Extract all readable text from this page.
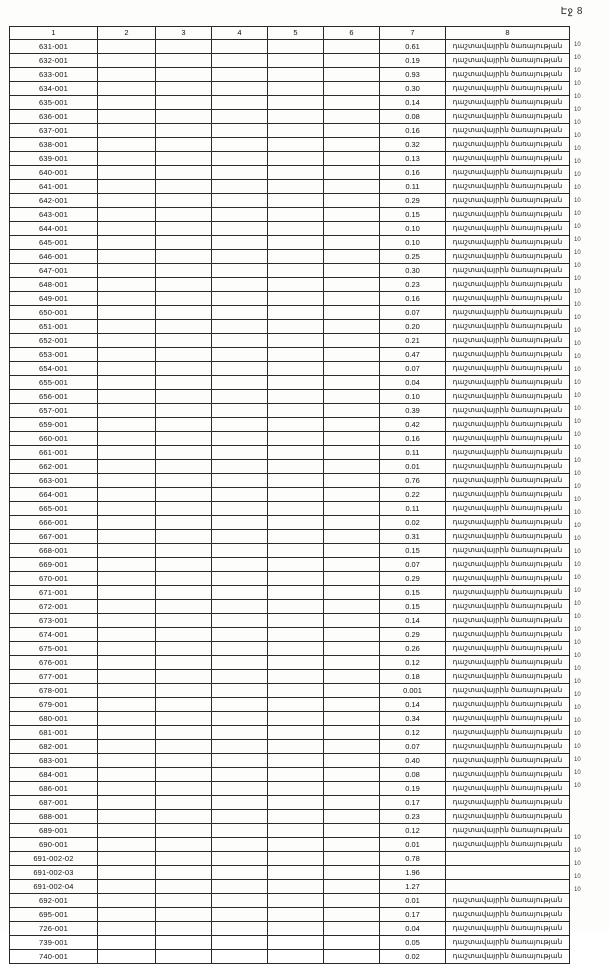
Էջ 8
1	2	3	4	5	6	7	8
631-001						0.61	դաշտավայրին ծառայության
632-001						0.19	դաշտավայրին ծառայության
633-001						0.93	դաշտավայրին ծառայության
634-001						0.30	դաշտավայրին ծառայության
635-001						0.14	դաշտավայրին ծառայության
636-001						0.08	դաշտավայրին ծառայության
637-001						0.16	դաշտավայրին ծառայության
638-001						0.32	դաշտավայրին ծառայության
639-001						0.13	դաշտավայրին ծառայության
640-001						0.16	դաշտավայրին ծառայության
641-001						0.11	դաշտավայրին ծառայության
642-001						0.29	դաշտավայրին ծառայության
643-001						0.15	դաշտավայրին ծառայության
644-001						0.10	դաշտավայրին ծառայության
645-001						0.10	դաշտավայրին ծառայության
646-001						0.25	դաշտավայրին ծառայության
647-001						0.30	դաշտավայրին ծառայության
648-001						0.23	դաշտավայրին ծառայության
649-001						0.16	դաշտավայրին ծառայության
650-001						0.07	դաշտավայրին ծառայության
651-001						0.20	դաշտավայրին ծառայության
652-001						0.21	դաշտավայրին ծառայության
653-001						0.47	դաշտավայրին ծառայության
654-001						0.07	դաշտավայրին ծառայության
655-001						0.04	դաշտավայրին ծառայության
656-001						0.10	դաշտավայրին ծառայության
657-001						0.39	դաշտավայրին ծառայության
659-001						0.42	դաշտավայրին ծառայության
660-001						0.16	դաշտավայրին ծառայության
661-001						0.11	դաշտավայրին ծառայության
662-001						0.01	դաշտավայրին ծառայության
663-001						0.76	դաշտավայրին ծառայության
664-001						0.22	դաշտավայրին ծառայության
665-001						0.11	դաշտավայրին ծառայության
666-001						0.02	դաշտավայրին ծառայության
667-001						0.31	դաշտավայրին ծառայության
668-001						0.15	դաշտավայրին ծառայության
669-001						0.07	դաշտավայրին ծառայության
670-001						0.29	դաշտավայրին ծառայության
671-001						0.15	դաշտավայրին ծառայության
672-001						0.15	դաշտավայրին ծառայության
673-001						0.14	դաշտավայրին ծառայության
674-001						0.29	դաշտավայրին ծառայության
675-001						0.26	դաշտավայրին ծառայության
676-001						0.12	դաշտավայրին ծառայության
677-001						0.18	դաշտավայրին ծառայության
678-001						0.001	դաշտավայրին ծառայության
679-001						0.14	դաշտավայրին ծառայության
680-001						0.34	դաշտավայրին ծառայության
681-001						0.12	դաշտավայրին ծառայության
682-001						0.07	դաշտավայրին ծառայության
683-001						0.40	դաշտավայրին ծառայության
684-001						0.08	դաշտավայրին ծառայության
686-001						0.19	դաշտավայրին ծառայության
687-001						0.17	դաշտավայրին ծառայության
688-001						0.23	դաշտավայրին ծառայության
689-001						0.12	դաշտավայրին ծառայության
690-001						0.01	դաշտավայրին ծառայության
691-002-02						0.78	
691-002-03						1.96	
691-002-04						1.27	
692-001						0.01	դաշտավայրին ծառայության
695-001						0.17	դաշտավայրին ծառայության
726-001						0.04	դաշտավայրին ծառայության
739-001						0.05	դաշտավայրին ծառայության
740-001						0.02	դաշտավայրին ծառայության
10
10
10
10
10
10
10
10
10
10
10
10
10
10
10
10
10
10
10
10
10
10
10
10
10
10
10
10
10
10
10
10
10
10
10
10
10
10
10
10
10
10
10
10
10
10
10
10
10
10
10
10
10
10
10
10
10
10
10
10
10
10
10
